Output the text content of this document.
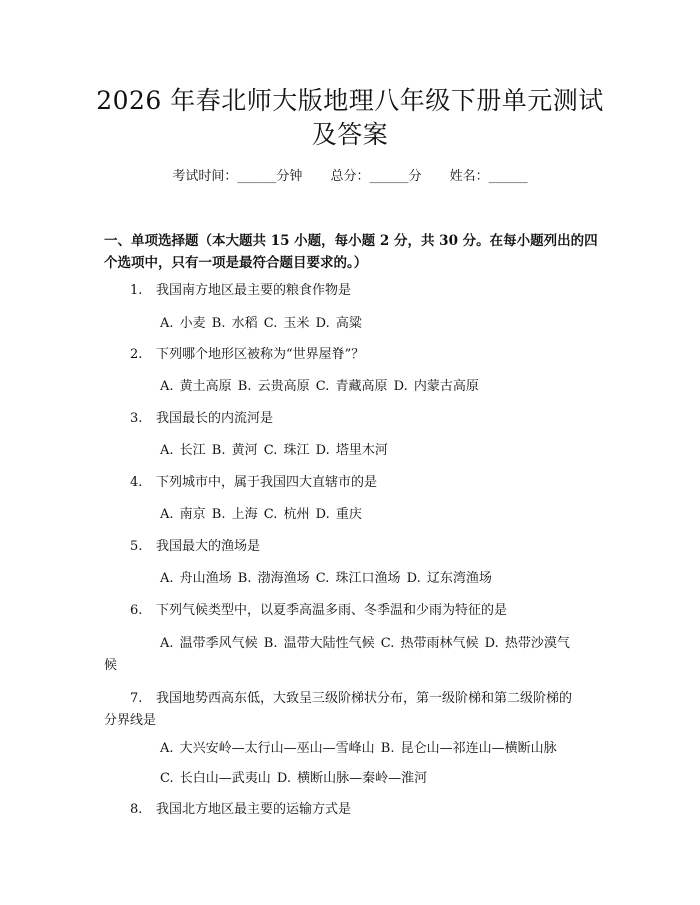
2026 年春北师大版地理八年级下册单元测试
及答案
考试时间：______分钟 总分：______分 姓名：______
一、单项选择题（本大题共 15 小题，每小题 2 分，共 30 分。在每小题列出的四
个选项中，只有一项是最符合题目要求的。）
1. 我国南方地区最主要的粮食作物是
A. 小麦 B. 水稻 C. 玉米 D. 高粱
2. 下列哪个地形区被称为“世界屋脊”？
A. 黄土高原 B. 云贵高原 C. 青藏高原 D. 内蒙古高原
3. 我国最长的内流河是
A. 长江 B. 黄河 C. 珠江 D. 塔里木河
4. 下列城市中，属于我国四大直辖市的是
A. 南京 B. 上海 C. 杭州 D. 重庆
5. 我国最大的渔场是
A. 舟山渔场 B. 渤海渔场 C. 珠江口渔场 D. 辽东湾渔场
6. 下列气候类型中，以夏季高温多雨、冬季温和少雨为特征的是
A. 温带季风气候 B. 温带大陆性气候 C. 热带雨林气候 D. 热带沙漠气
候
7. 我国地势西高东低，大致呈三级阶梯状分布，第一级阶梯和第二级阶梯的
分界线是
A. 大兴安岭—太行山—巫山—雪峰山 B. 昆仑山—祁连山—横断山脉
C. 长白山—武夷山 D. 横断山脉—秦岭—淮河
8. 我国北方地区最主要的运输方式是
